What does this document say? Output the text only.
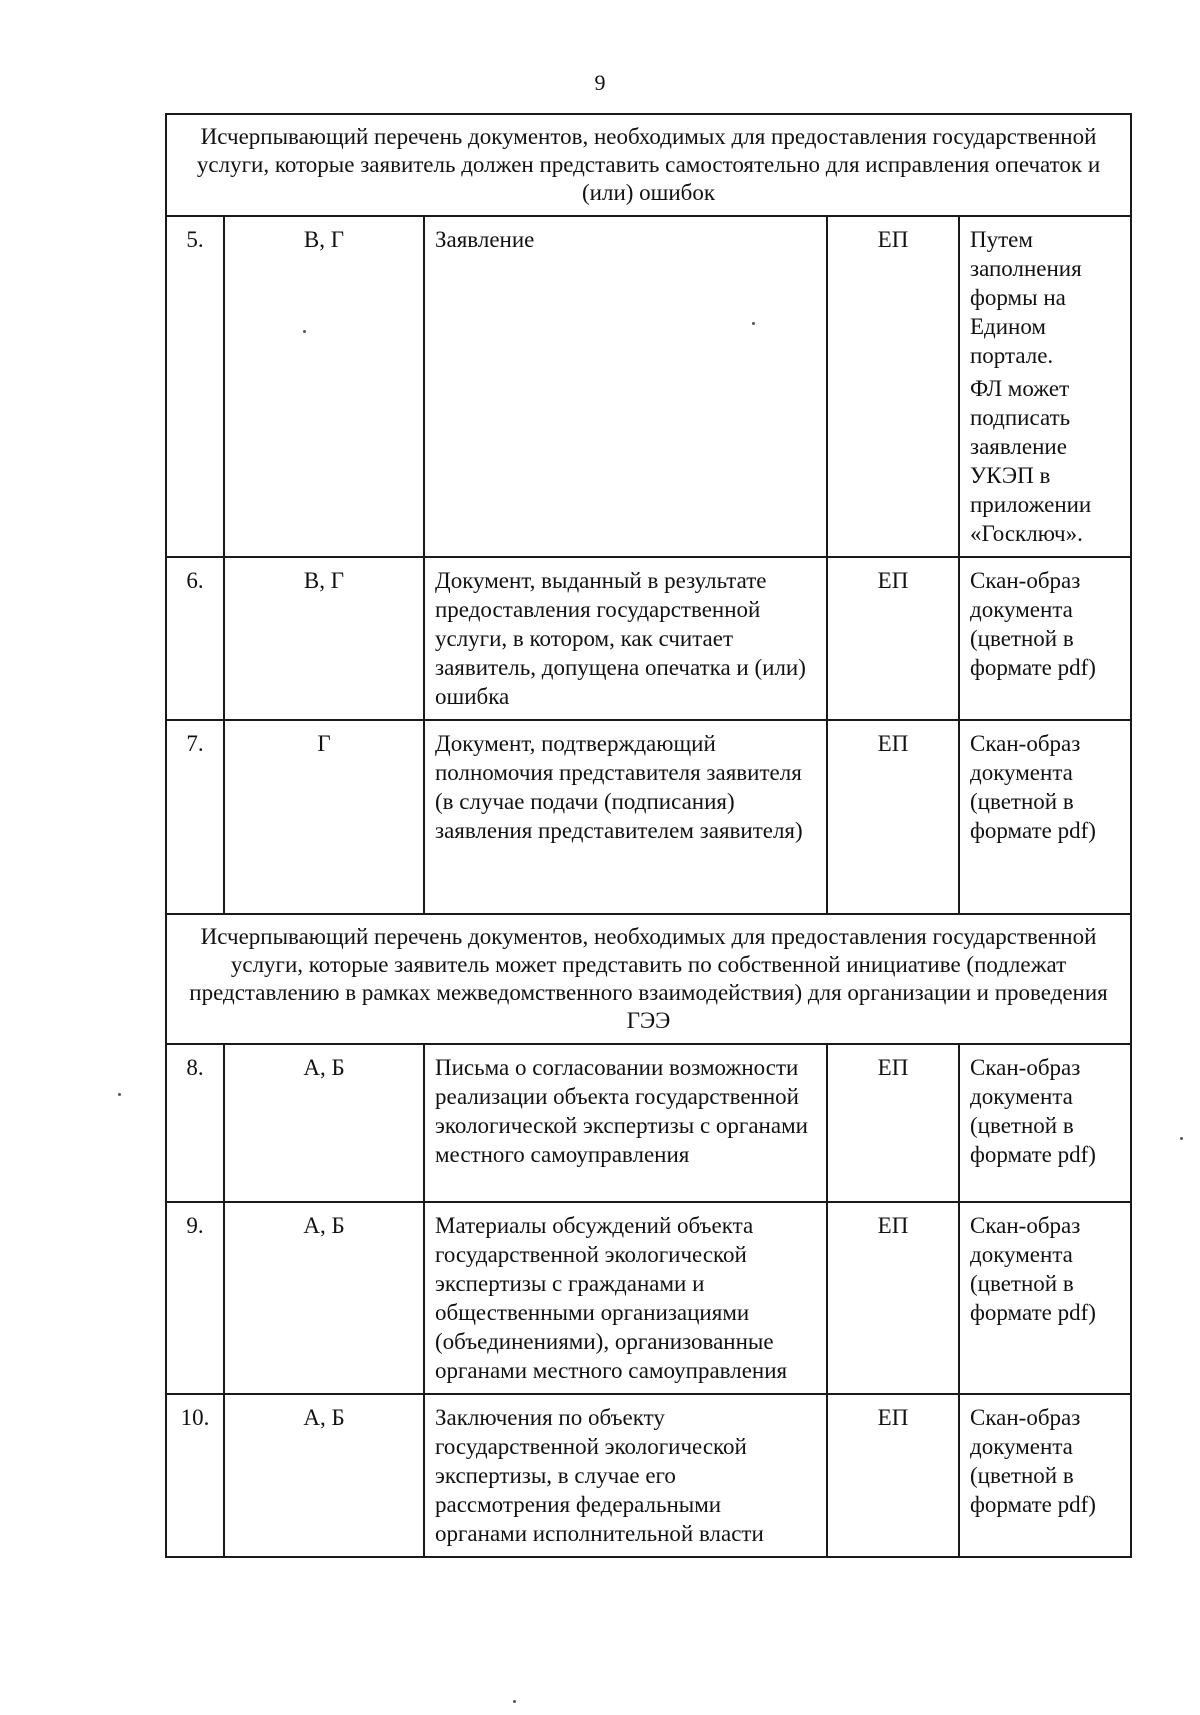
9
Исчерпывающий перечень документов, необходимых для предоставления государственной услуги, которые заявитель должен представить самостоятельно для исправления опечаток и (или) ошибок				
5.	В, Г	Заявление	ЕП	Путем заполнения формы на Едином портале.

ФЛ может подписать заявление УКЭП в приложении «Госключ».

6.	В, Г	Документ, выданный в результате предоставления государственной услуги, в котором, как считает заявитель, допущена опечатка и (или) ошибка	ЕП	Скан-образ документа (цветной в формате pdf)

7.	Г	Документ, подтверждающий полномочия представителя заявителя (в случае подачи (подписания) заявления представителем заявителя)	ЕП	Скан-образ документа (цветной в формате pdf)

Исчерпывающий перечень документов, необходимых для предоставления государственной услуги, которые заявитель может представить по собственной инициативе (подлежат представлению в рамках межведомственного взаимодействия) для организации и проведения ГЭЭ				
8.	А, Б	Письма о согласовании возможности реализации объекта государственной экологической экспертизы с органами местного самоуправления	ЕП	Скан-образ документа (цветной в формате pdf)

9.	А, Б	Материалы обсуждений объекта государственной экологической экспертизы с гражданами и общественными организациями (объединениями), организованные органами местного самоуправления	ЕП	Скан-образ документа (цветной в формате pdf)

10.	А, Б	Заключения по объекту государственной экологической экспертизы, в случае его рассмотрения федеральными органами исполнительной власти	ЕП	Скан-образ документа (цветной в формате pdf)
